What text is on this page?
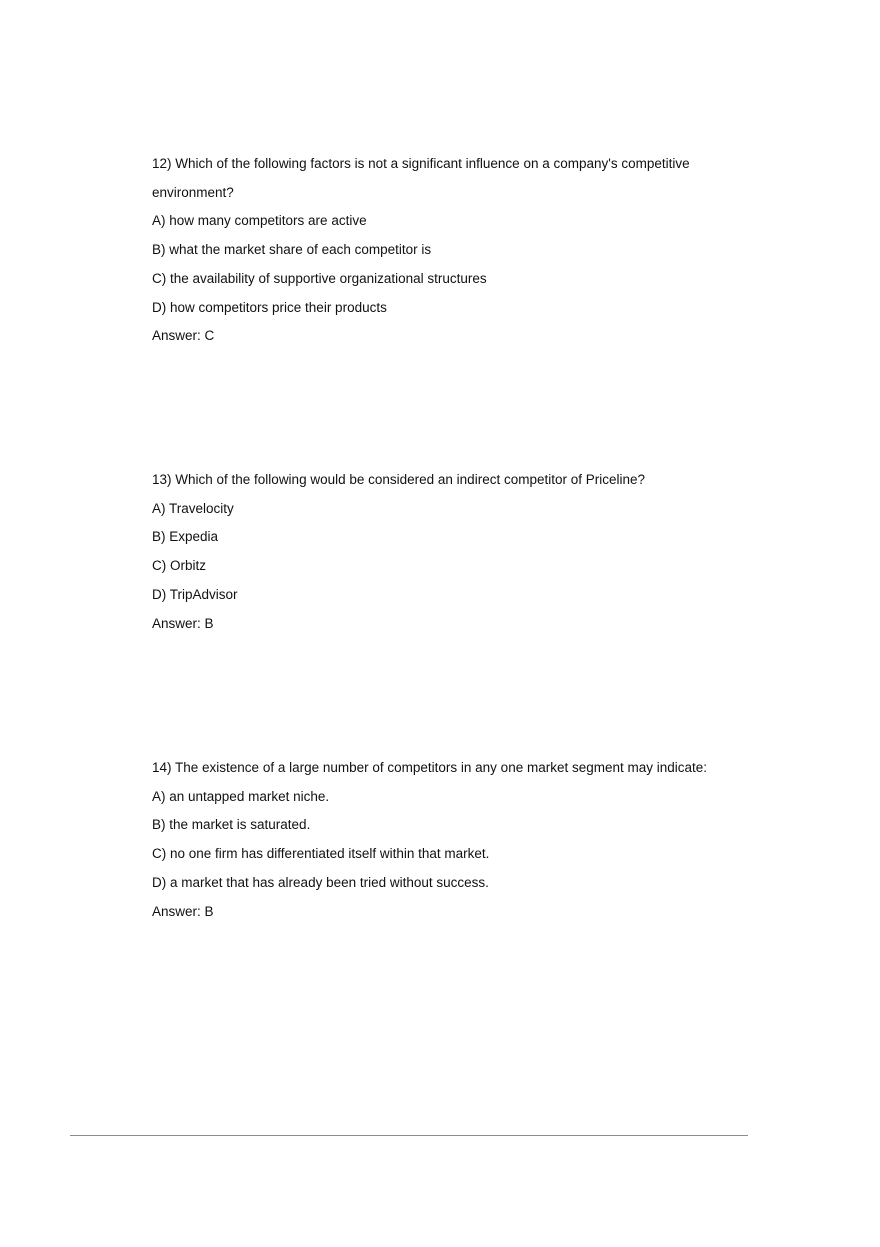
12) Which of the following factors is not a significant influence on a company's competitive
environment?
A) how many competitors are active
B) what the market share of each competitor is
C) the availability of supportive organizational structures
D) how competitors price their products
Answer: C
13) Which of the following would be considered an indirect competitor of Priceline?
A) Travelocity
B) Expedia
C) Orbitz
D) TripAdvisor
Answer: B
14) The existence of a large number of competitors in any one market segment may indicate:
A) an untapped market niche.
B) the market is saturated.
C) no one firm has differentiated itself within that market.
D) a market that has already been tried without success.
Answer: B
